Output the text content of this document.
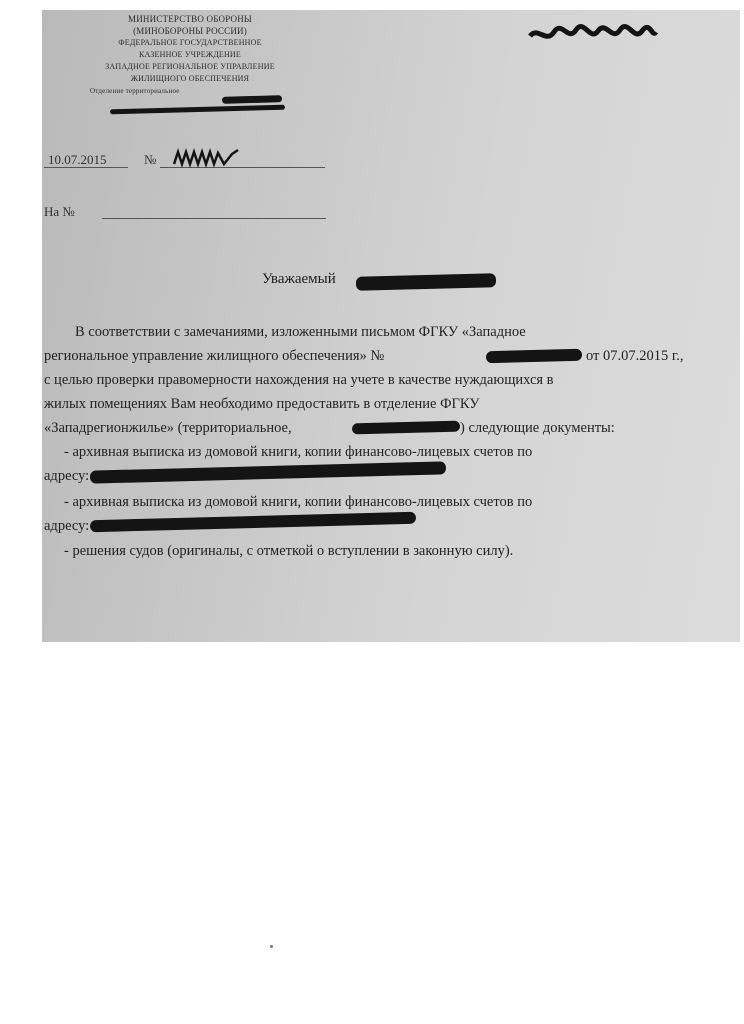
МИНИСТЕРСТВО ОБОРОНЫ
(МИНОБОРОНЫ РОССИИ)
ФЕДЕРАЛЬНОЕ ГОСУДАРСТВЕННОЕ
КАЗЕННОЕ УЧРЕЖДЕНИЕ
ЗАПАДНОЕ РЕГИОНАЛЬНОЕ УПРАВЛЕНИЕ
ЖИЛИЩНОГО ОБЕСПЕЧЕНИЯ
Отделение территориальное
10.07.2015	№
На №
Уважаемый
В соответствии с замечаниями, изложенными письмом ФГКУ «Западное
региональное управление жилищного обеспечения» №	от 07.07.2015 г.,
с целью проверки правомерности нахождения на учете в качестве нуждающихся в
жилых помещениях Вам необходимо предоставить в отделение ФГКУ
«Западрегионжилье» (территориальное,	) следующие документы:
- архивная выписка из домовой книги, копии финансово-лицевых счетов по
адресу:
- архивная выписка из домовой книги, копии финансово-лицевых счетов по
адресу:
- решения судов (оригиналы, с отметкой о вступлении в законную силу).
